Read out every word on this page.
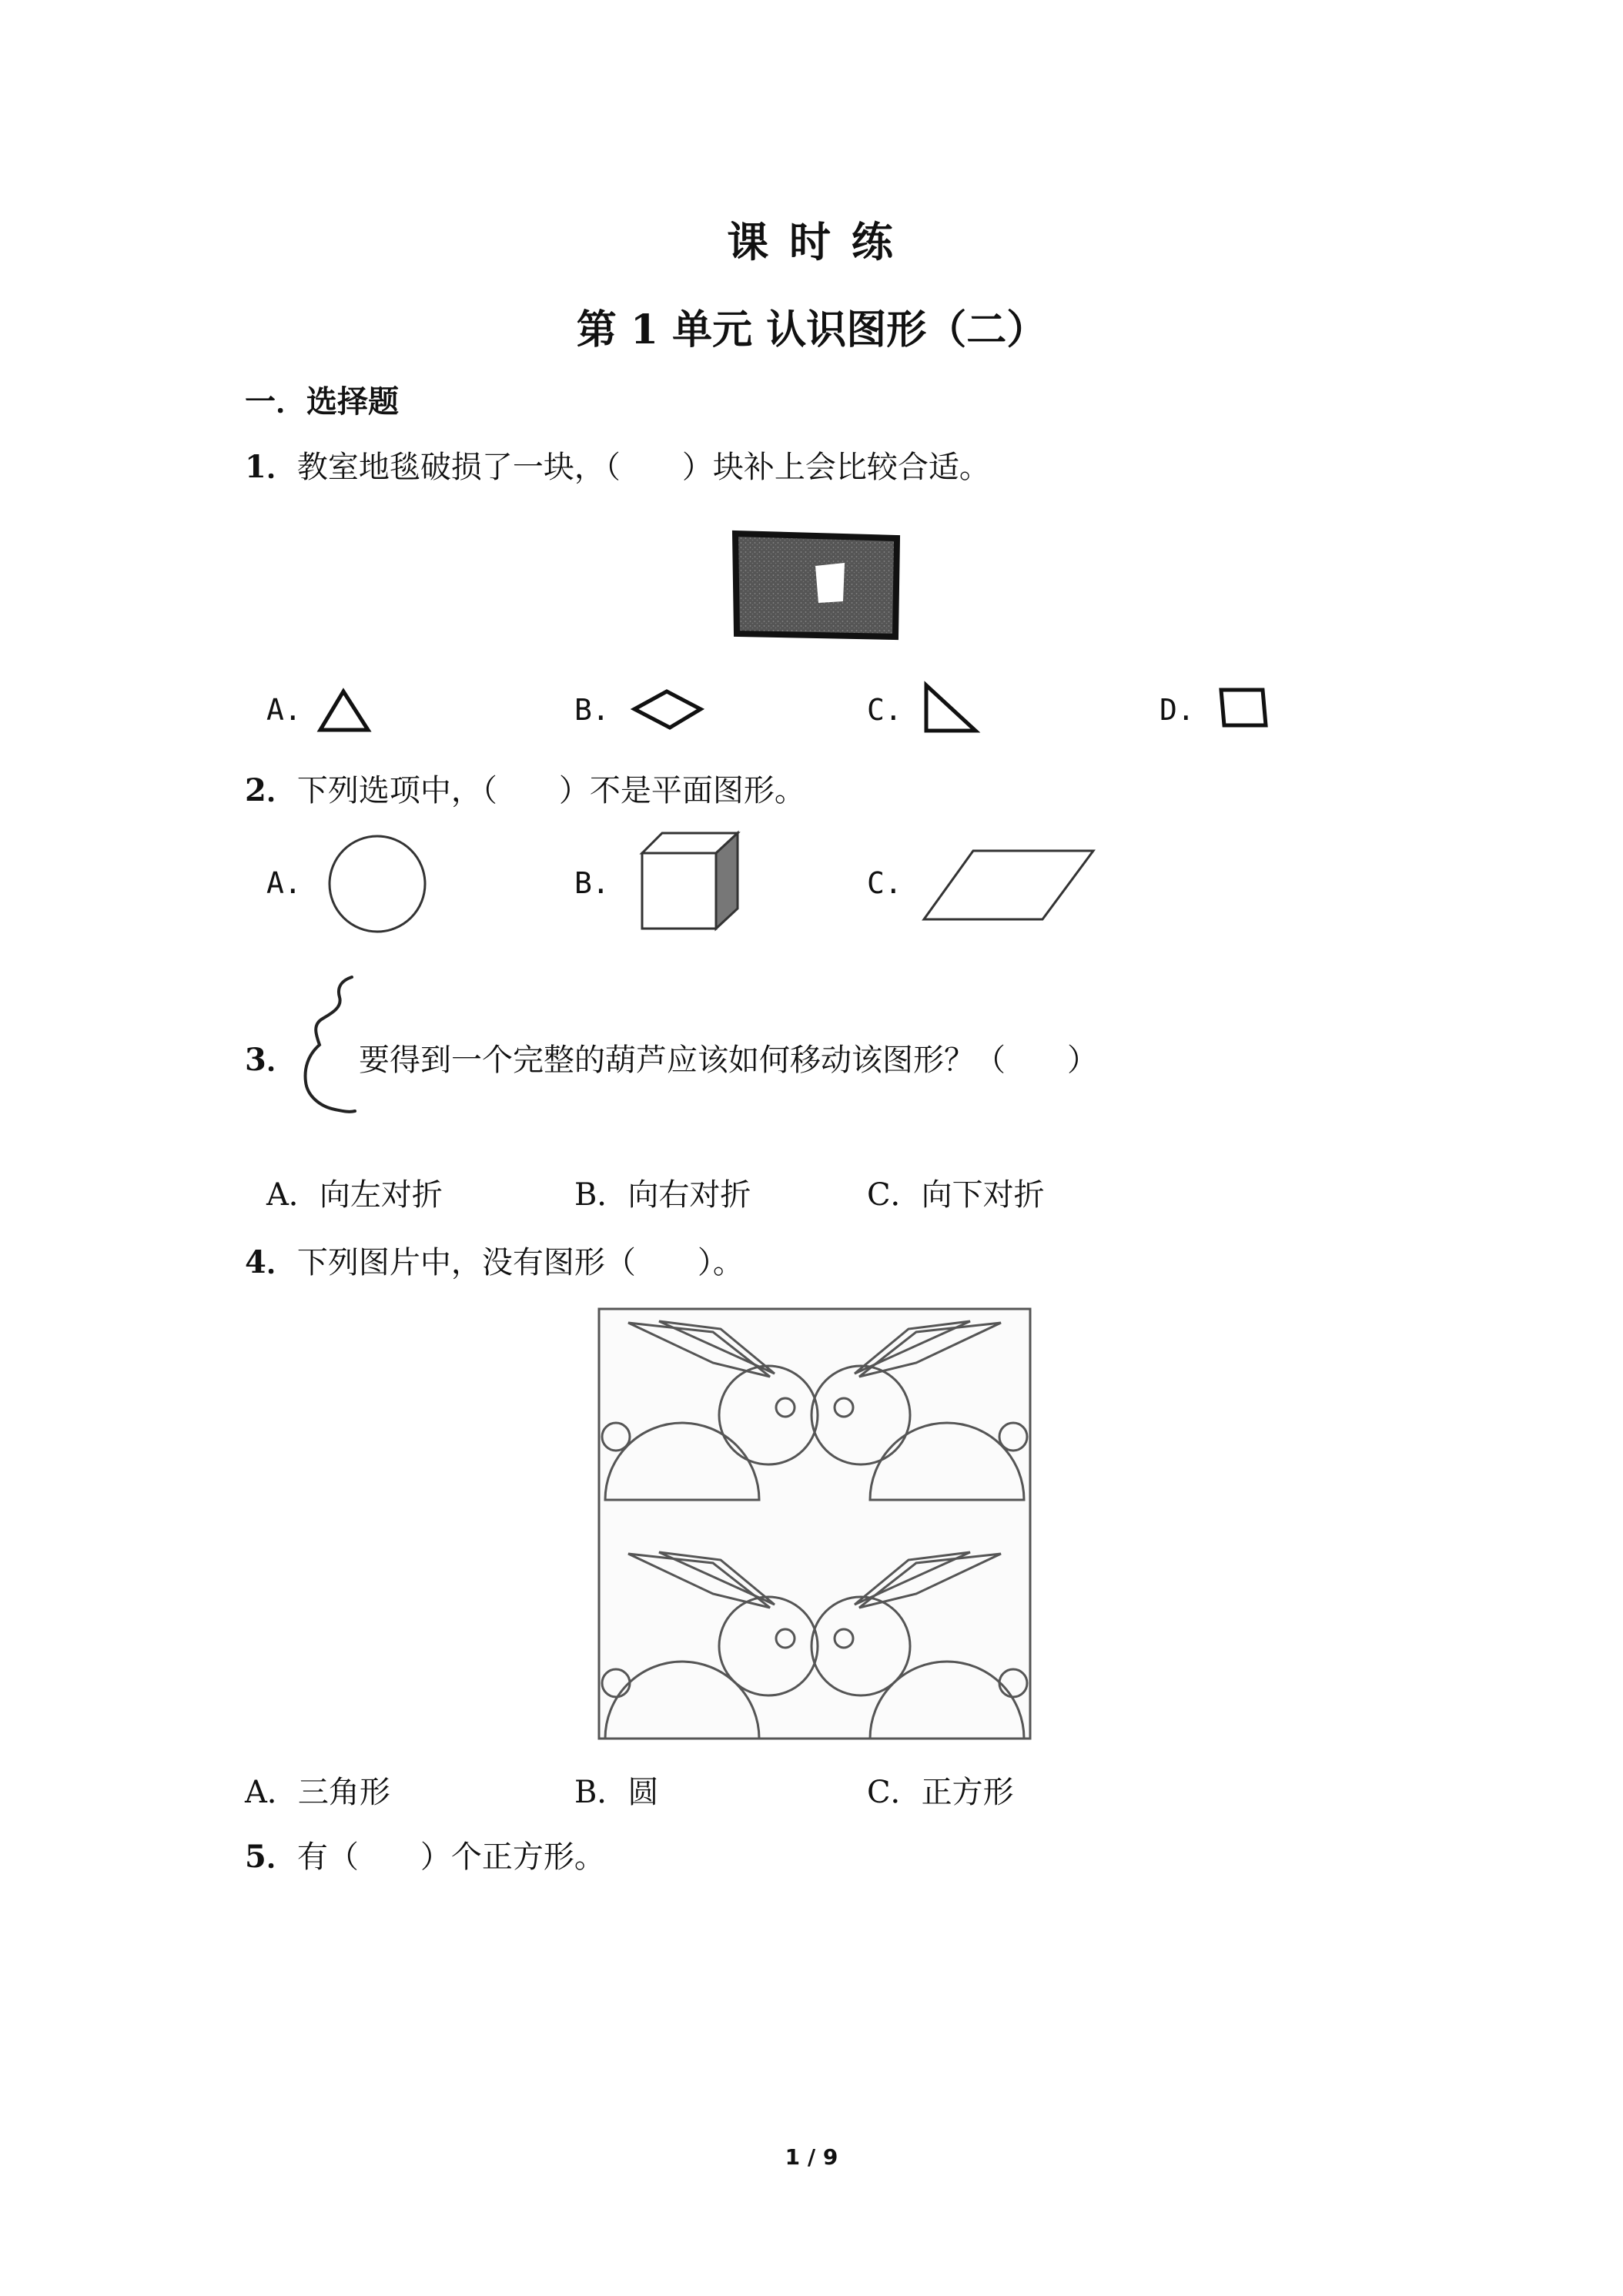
课 时 练
第 1 单元 认识图形（二）
一．选择题
1．教室地毯破损了一块，（　　）块补上会比较合适。
A.	B.	C.	D.
2．下列选项中，（　　）不是平面图形。
A.	B.	C.
3． 要得到一个完整的葫芦应该如何移动该图形？（　　）
A．向左对折	B．向右对折	C．向下对折
4．下列图片中，没有图形（　　）。
A．三角形	B．圆	C．正方形
5．有（　　）个正方形。
1 / 9
